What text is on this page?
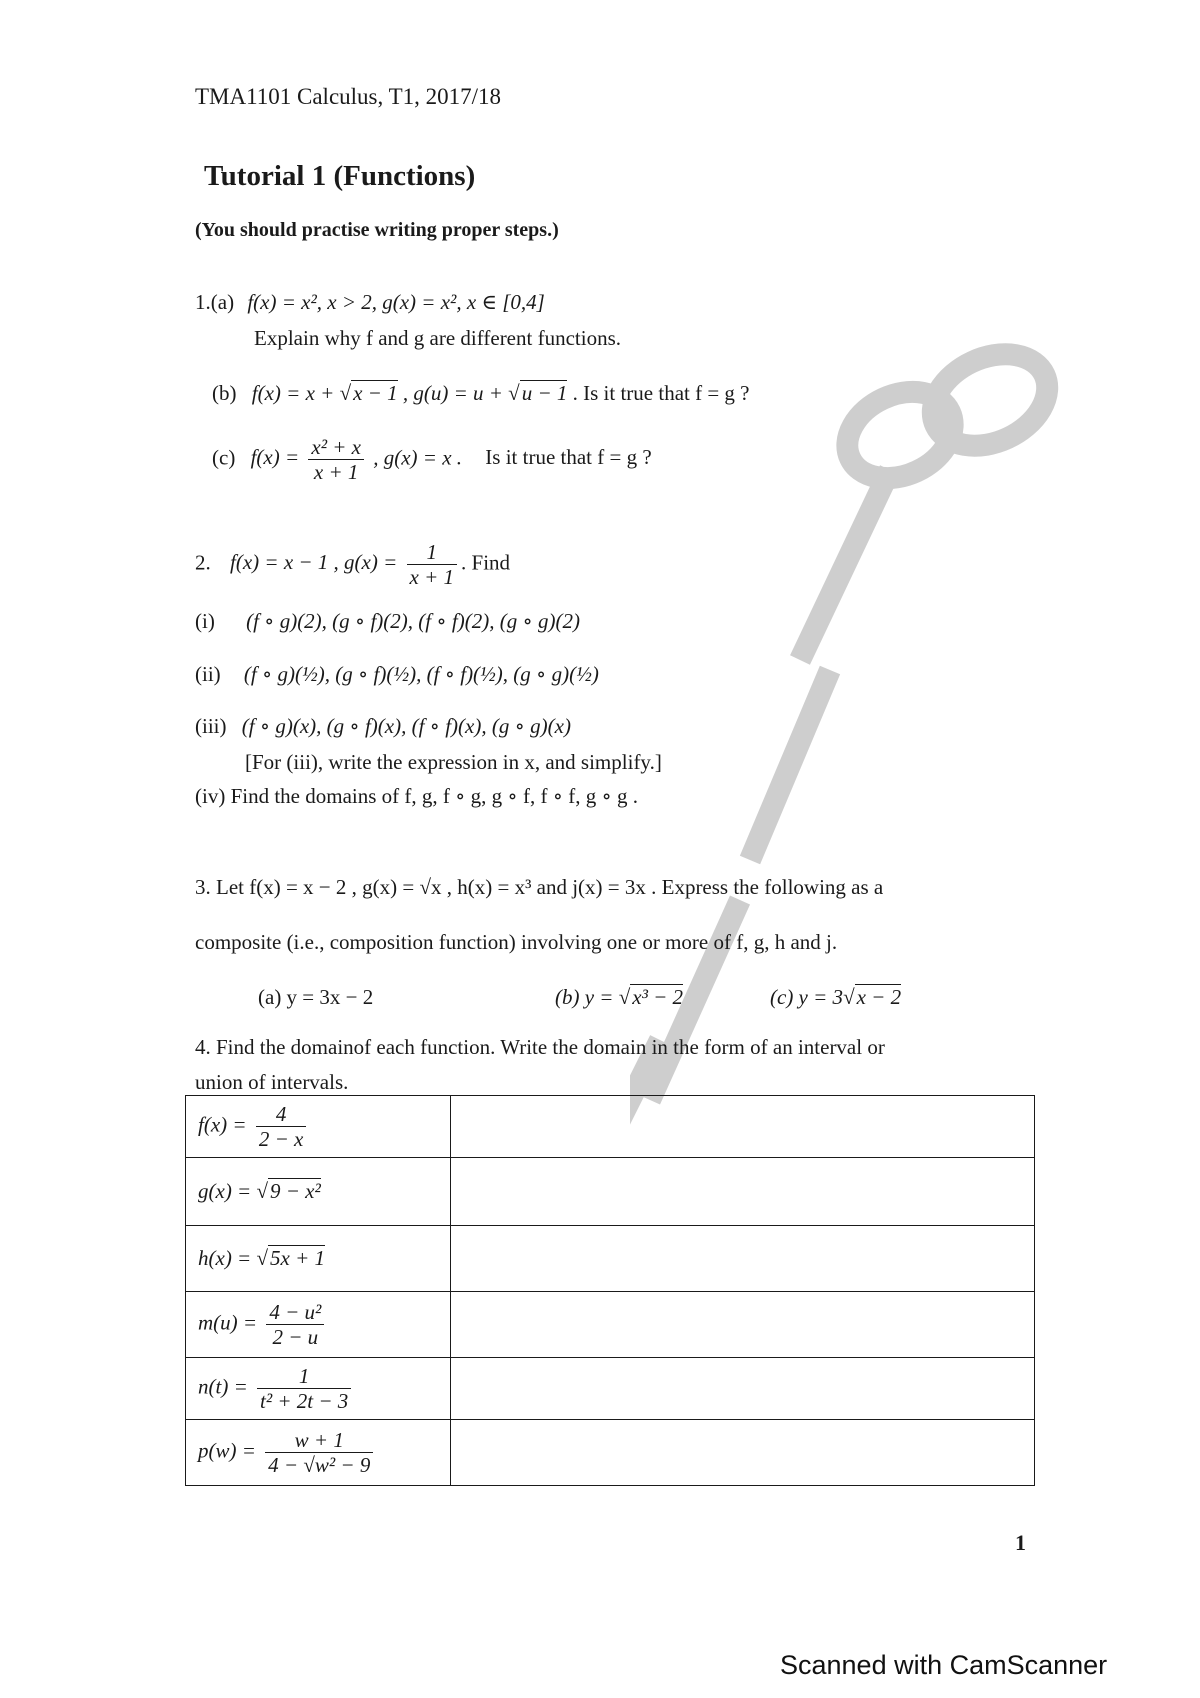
TMA1101 Calculus, T1, 2017/18
Tutorial 1 (Functions)
(You should practise writing proper steps.)
1.(a) f(x) = x², x > 2, g(x) = x², x ∈ [0,4]
Explain why f and g are different functions.
(b) f(x) = x + √x − 1 , g(u) = u + √u − 1 . Is it true that f = g ?
(c) $f(x) = \frac{\text{x² + x}}{x + 1}$ , g(x) = x . Is it true that f = g ?
2. f(x) = x − 1 , $g(x) = \frac{1}{x + 1}$ . Find
(i) (f ∘ g)(2), (g ∘ f)(2), (f ∘ f)(2), (g ∘ g)(2)
(ii) (f ∘ g)(½), (g ∘ f)(½), (f ∘ f)(½), (g ∘ g)(½)
(iii) (f ∘ g)(x), (g ∘ f)(x), (f ∘ f)(x), (g ∘ g)(x)
[For (iii), write the expression in x, and simplify.]
(iv) Find the domains of f, g, f ∘ g, g ∘ f, f ∘ f, g ∘ g .
3. Let f(x) = x − 2 , g(x) = √x , h(x) = x³ and j(x) = 3x . Express the following as a
composite (i.e., composition function) involving one or more of f, g, h and j.
(a) y = 3x − 2	(b) y = √x³ − 2	(c) y = 3√x − 2
4. Find the domainof each function. Write the domain in the form of an interval or
union of intervals.
$f(x) = \frac{4}{2 - x}$

g(x) = √9 − x²	
h(x) = √5x + 1	
$m(u) = \frac{\text{4 − u²}}{2 - u}$

$n(t) = \frac{1}{\text{t² + 2t − 3}}$

$p(w) = \frac{w + 1}{\text{4 − √w² − 9}}$

1
Scanned with CamScanner
